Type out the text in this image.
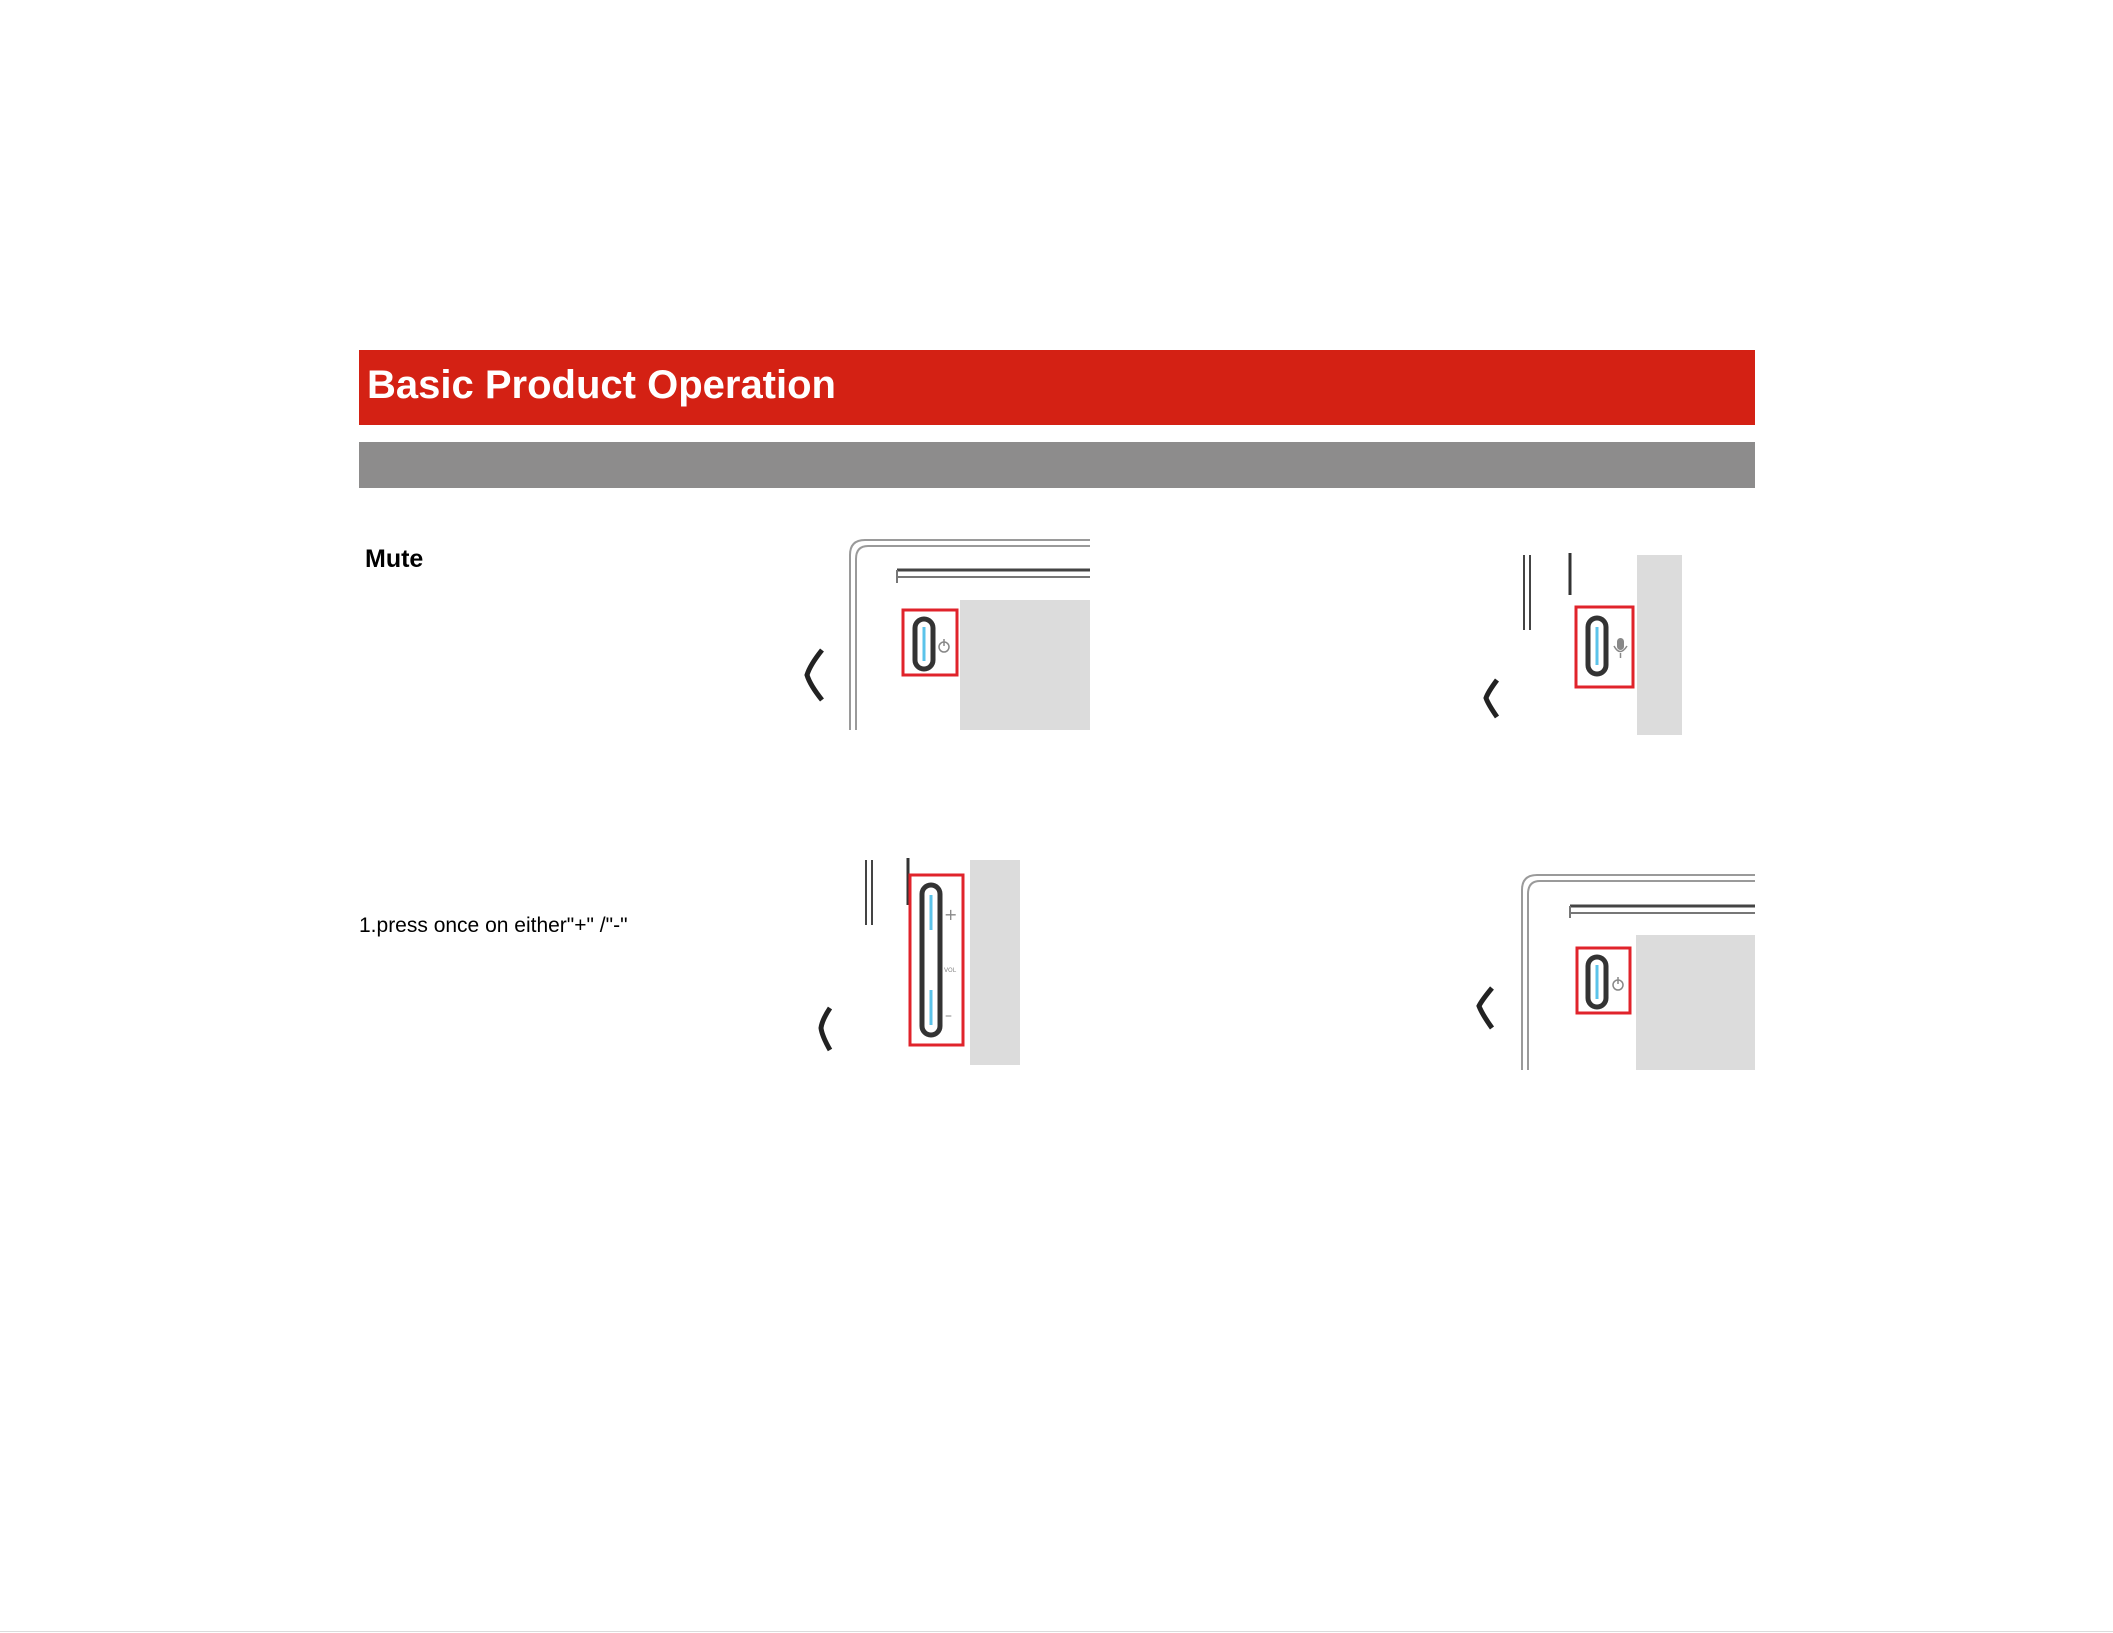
Basic Product Operation
Mute
1.press once on either"+" /"-"	+
VOL
–
